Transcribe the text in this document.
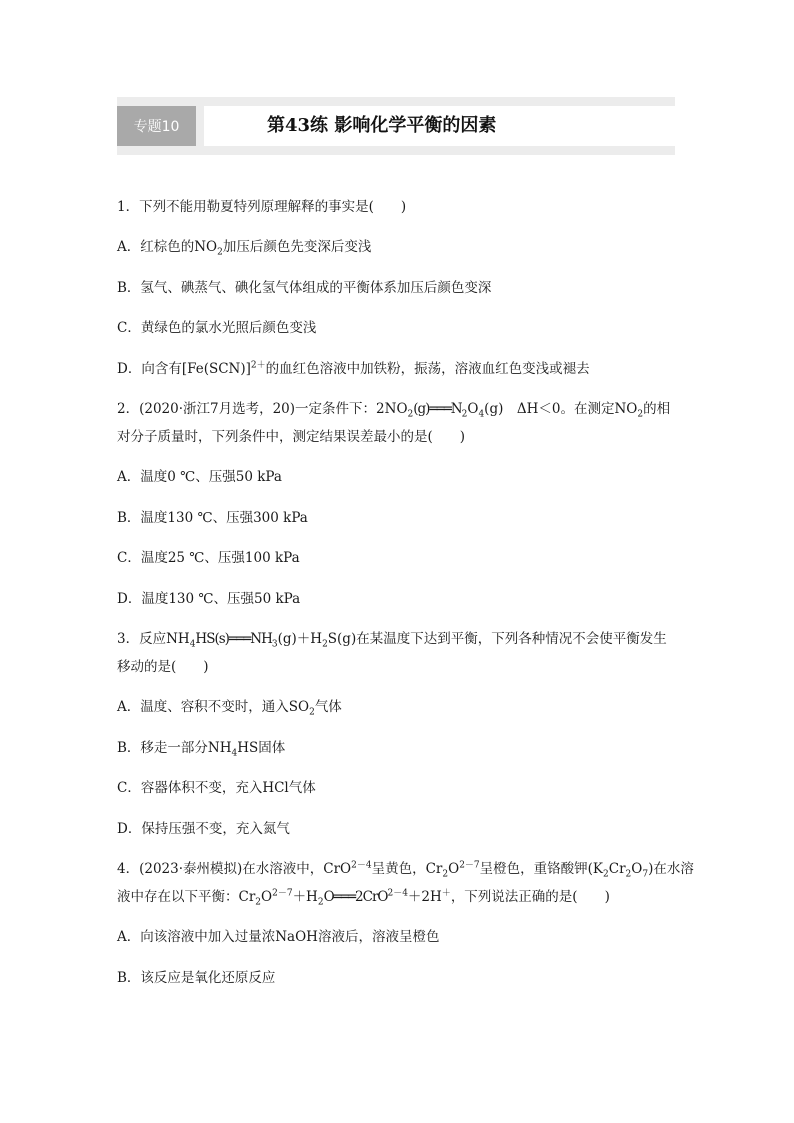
专题10	第43练 影响化学平衡的因素
1．下列不能用勒夏特列原理解释的事实是(　　)
A．红棕色的$NO_2$加压后颜色先变深后变浅
B．氢气、碘蒸气、碘化氢气体组成的平衡体系加压后颜色变深
C．黄绿色的氯水光照后颜色变浅
D．向含有$[Fe(SCN)]^{2+}$的血红色溶液中加铁粉，振荡，溶液血红色变浅或褪去
2．(2020·浙江7月选考，20)一定条件下：$2NO_2(g)═══N_2O_4(g)$　ΔH＜0。在测定$NO_2$的相
对分子质量时，下列条件中，测定结果误差最小的是(　　)
A．温度0 ℃、压强50 kPa
B．温度130 ℃、压强300 kPa
C．温度25 ℃、压强100 kPa
D．温度130 ℃、压强50 kPa
3．反应$NH_4HS(s)═══NH_3(g)+H_2S(g)$在某温度下达到平衡，下列各种情况不会使平衡发生
移动的是(　　)
A．温度、容积不变时，通入$SO_2$气体
B．移走一部分$NH_4HS$固体
C．容器体积不变，充入HCl气体
D．保持压强不变，充入氮气
4．(2023·泰州模拟)在水溶液中，CrO$^{2-4}$呈黄色，$Cr_2O^{2-7}$呈橙色，重铬酸钾$(K_2Cr_2O_7)$在水溶
液中存在以下平衡：$Cr_2O^{2-7}+H_2O═══2CrO^{2-4}+2H^+$，下列说法正确的是(　　)
A．向该溶液中加入过量浓NaOH溶液后，溶液呈橙色
B．该反应是氧化还原反应
